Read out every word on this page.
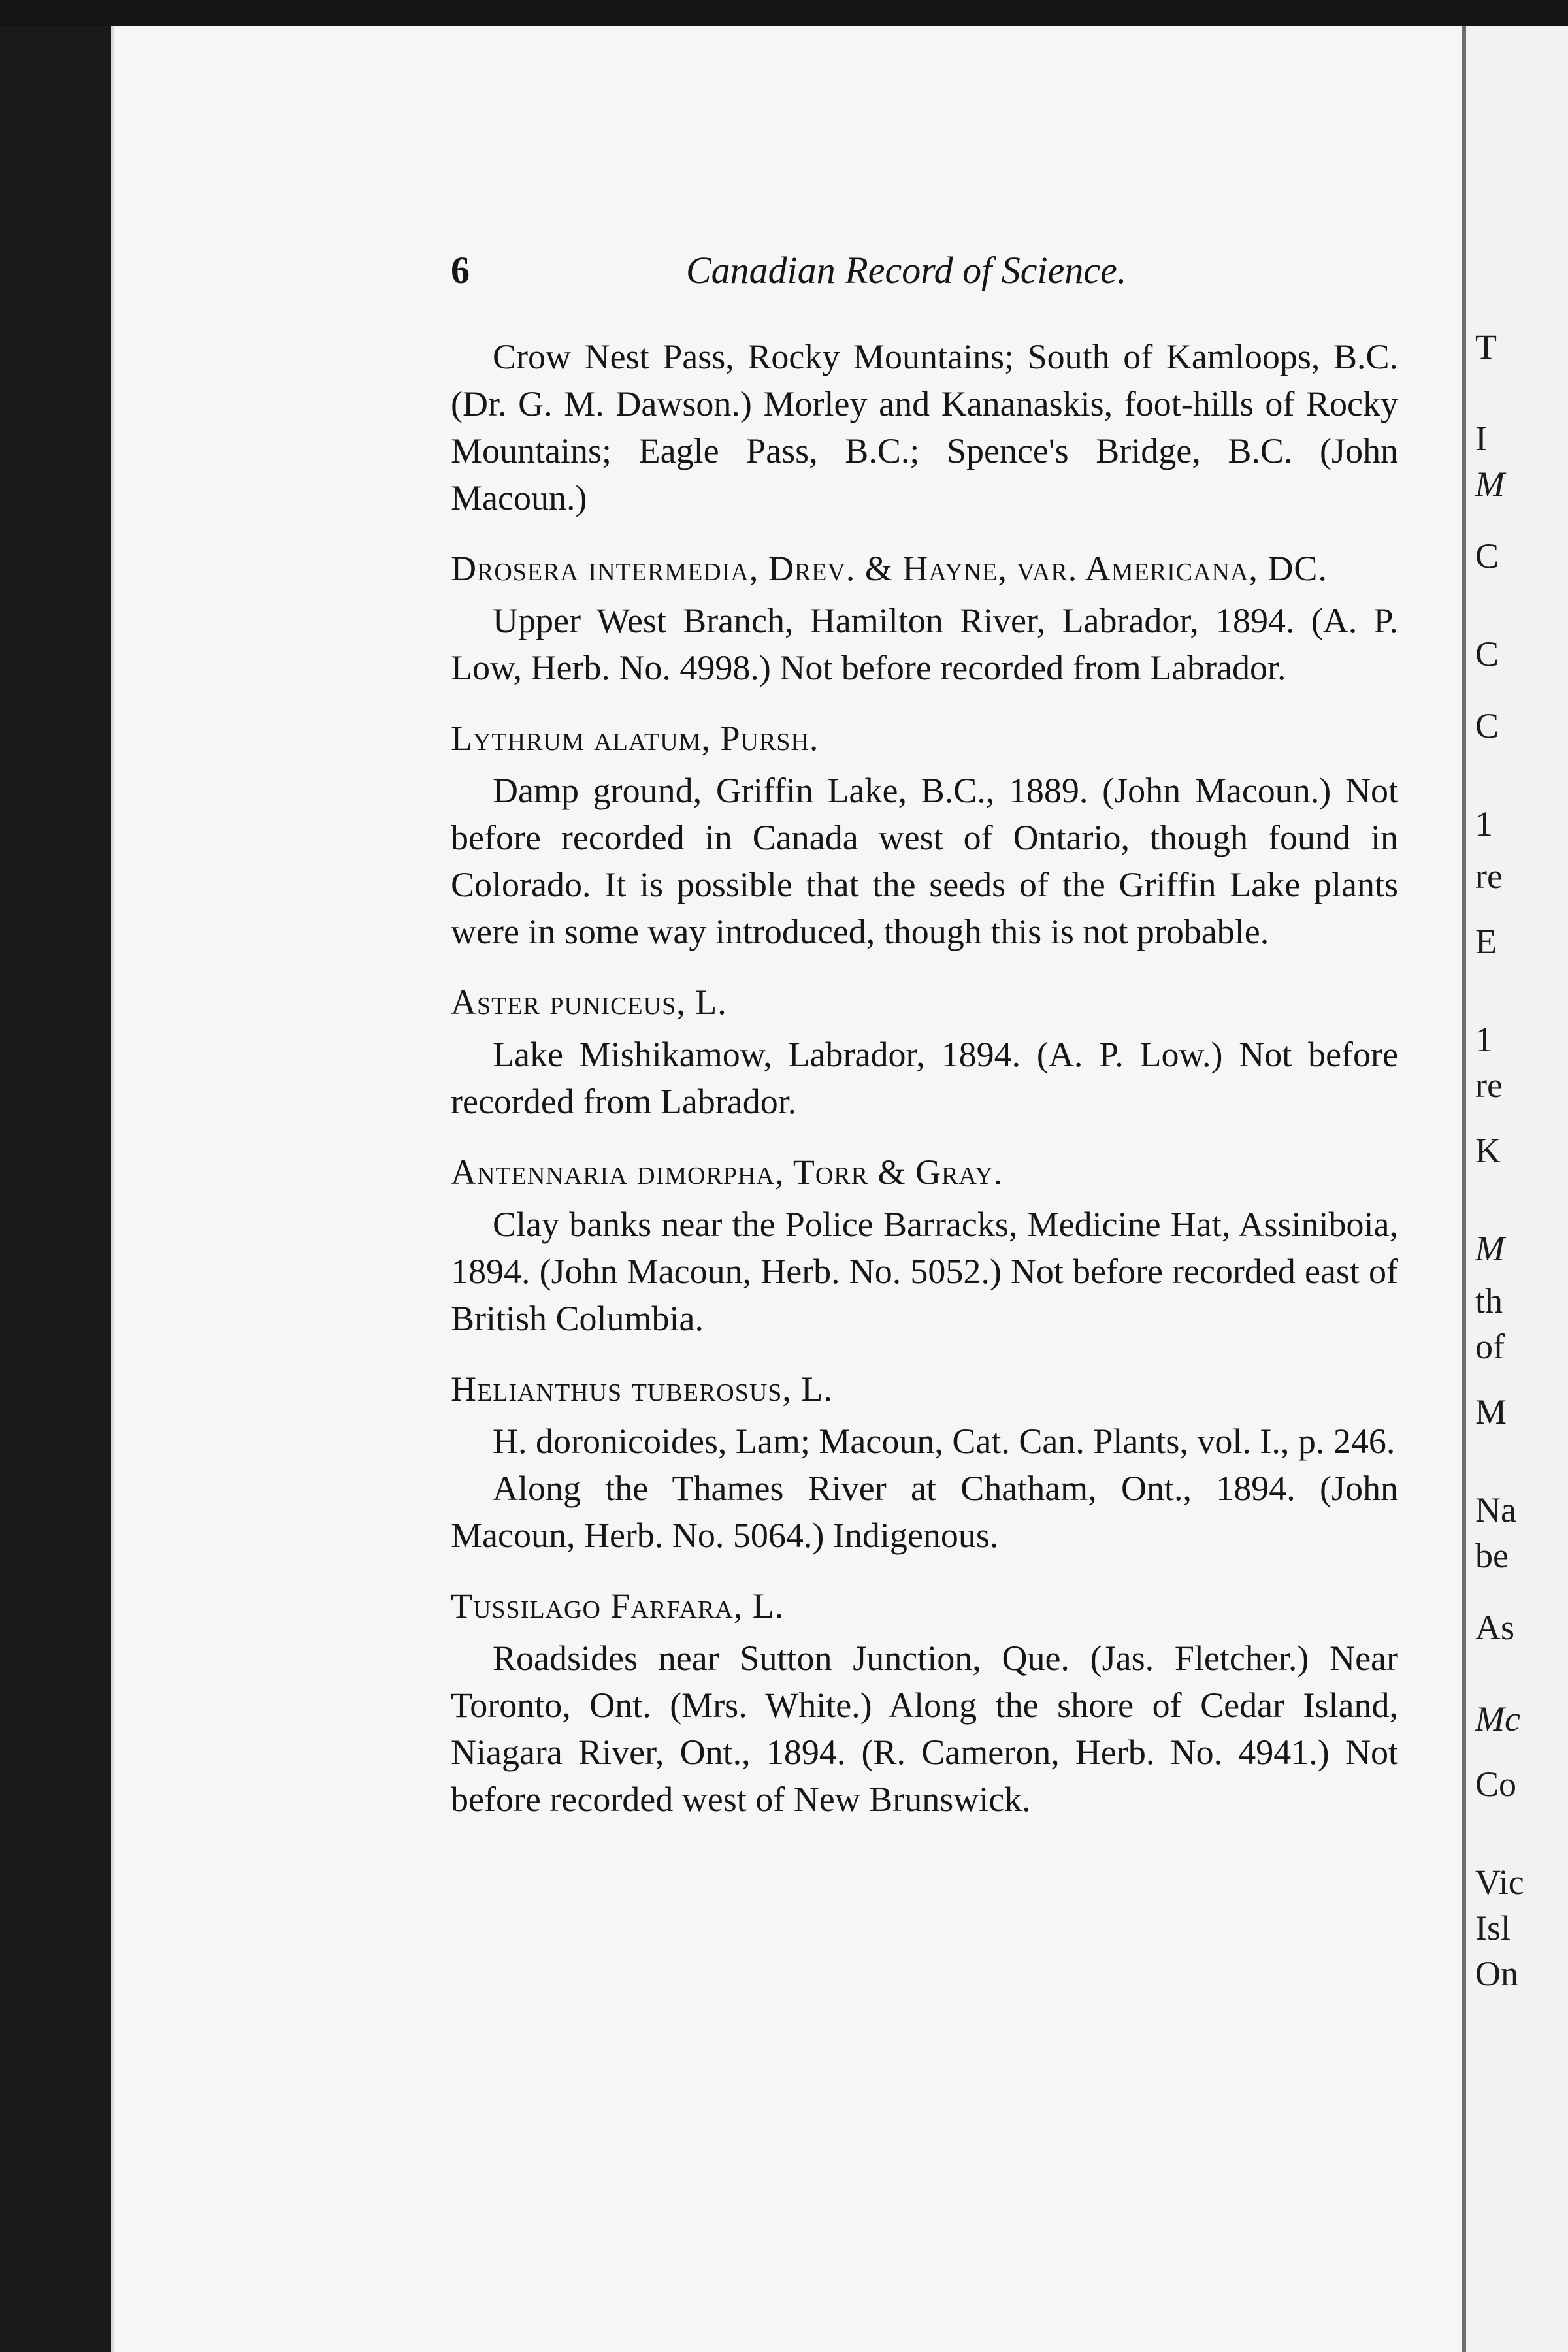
T
I
M
C
C
C
1
re
E
1
re
K
M
th
of
M
Na
be
As
Mc
Co
Vic
Isl
On
6	Canadian Record of Science.

Crow Nest Pass, Rocky Mountains; South of Kamloops, B.C. (Dr. G. M. Dawson.) Morley and Kananaskis, foot-hills of Rocky Mountains; Eagle Pass, B.C.; Spence's Bridge, B.C. (John Macoun.)

Drosera intermedia, Drev. & Hayne, var. Americana, DC.

Upper West Branch, Hamilton River, Labrador, 1894. (A. P. Low, Herb. No. 4998.) Not before recorded from Labrador.

Lythrum alatum, Pursh.

Damp ground, Griffin Lake, B.C., 1889. (John Macoun.) Not before recorded in Canada west of Ontario, though found in Colorado. It is possible that the seeds of the Griffin Lake plants were in some way introduced, though this is not probable.

Aster puniceus, L.

Lake Mishikamow, Labrador, 1894. (A. P. Low.) Not before recorded from Labrador.

Antennaria dimorpha, Torr & Gray.

Clay banks near the Police Barracks, Medicine Hat, Assiniboia, 1894. (John Macoun, Herb. No. 5052.) Not before recorded east of British Columbia.

Helianthus tuberosus, L.

H. doronicoides, Lam; Macoun, Cat. Can. Plants, vol. I., p. 246.

Along the Thames River at Chatham, Ont., 1894. (John Macoun, Herb. No. 5064.) Indigenous.

Tussilago Farfara, L.

Roadsides near Sutton Junction, Que. (Jas. Fletcher.) Near Toronto, Ont. (Mrs. White.) Along the shore of Cedar Island, Niagara River, Ont., 1894. (R. Cameron, Herb. No. 4941.) Not before recorded west of New Brunswick.
